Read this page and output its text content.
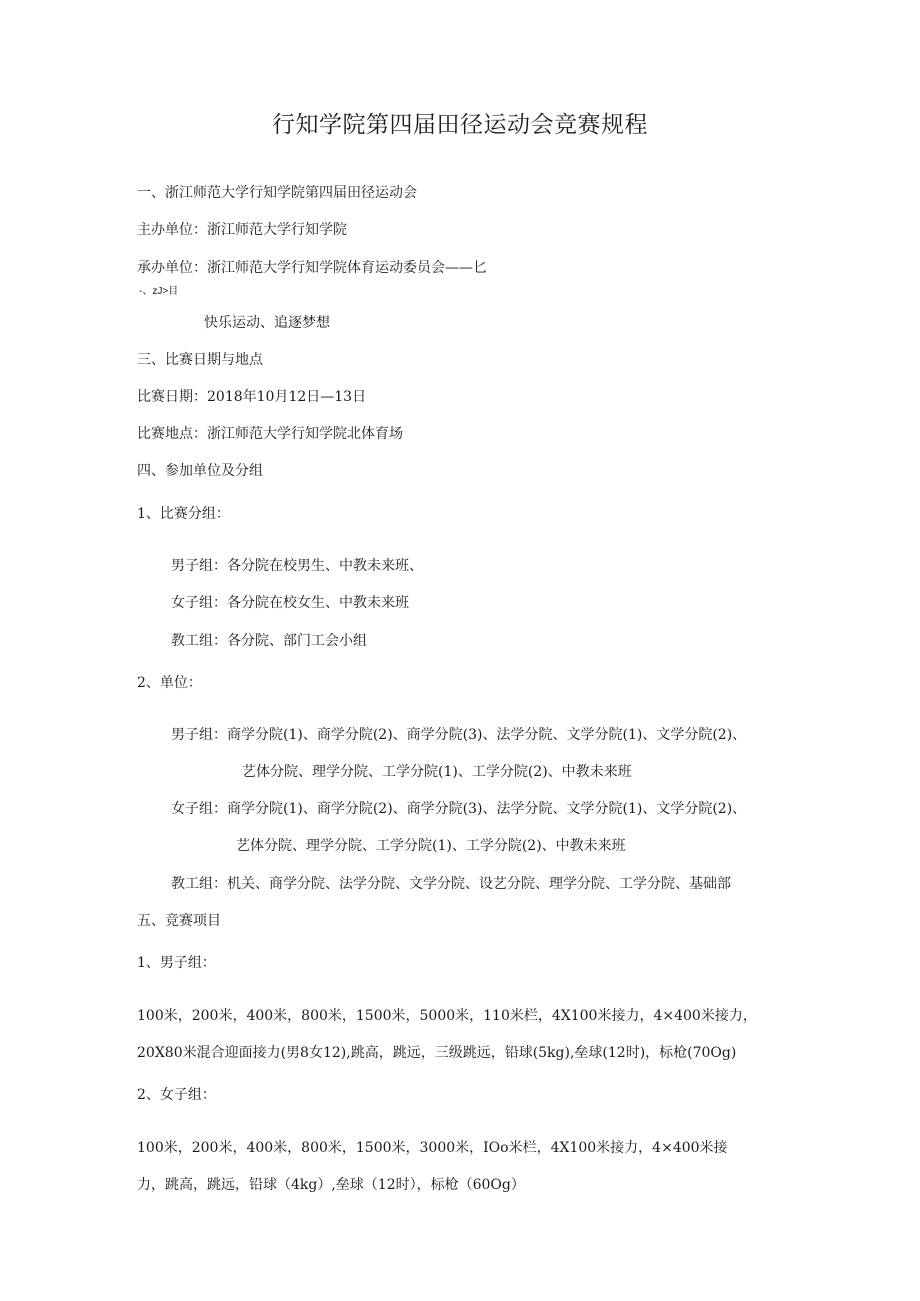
行知学院第四届田径运动会竞赛规程
一、浙江师范大学行知学院第四届田径运动会
主办单位：浙江师范大学行知学院
承办单位：浙江师范大学行知学院体育运动委员会——匕
-、zJ>目
快乐运动、追逐梦想
三、比赛日期与地点
比赛日期：2018年10月12日—13日
比赛地点：浙江师范大学行知学院北体育场
四、参加单位及分组
1、比赛分组：
男子组：各分院在校男生、中教未来班、
女子组：各分院在校女生、中教未来班
教工组：各分院、部门工会小组
2、单位：
男子组：商学分院(1)、商学分院(2)、商学分院(3)、法学分院、文学分院(1)、文学分院(2)、
艺体分院、理学分院、工学分院(1)、工学分院(2)、中教未来班
女子组：商学分院(1)、商学分院(2)、商学分院(3)、法学分院、文学分院(1)、文学分院(2)、
艺体分院、理学分院、工学分院(1)、工学分院(2)、中教未来班
教工组：机关、商学分院、法学分院、文学分院、设艺分院、理学分院、工学分院、基础部
五、竞赛项目
1、男子组：
100米，200米，400米，800米，1500米，5000米，110米栏，4X100米接力，4×400米接力，
20X80米混合迎面接力(男8女12),跳高，跳远，三级跳远，铅球(5kg),垒球(12时)，标枪(70Og)
2、女子组：
100米，200米，400米，800米，1500米，3000米，IOo米栏，4X100米接力，4×400米接
力，跳高，跳远，铅球（4kg）,垒球（12时），标枪（60Og）
